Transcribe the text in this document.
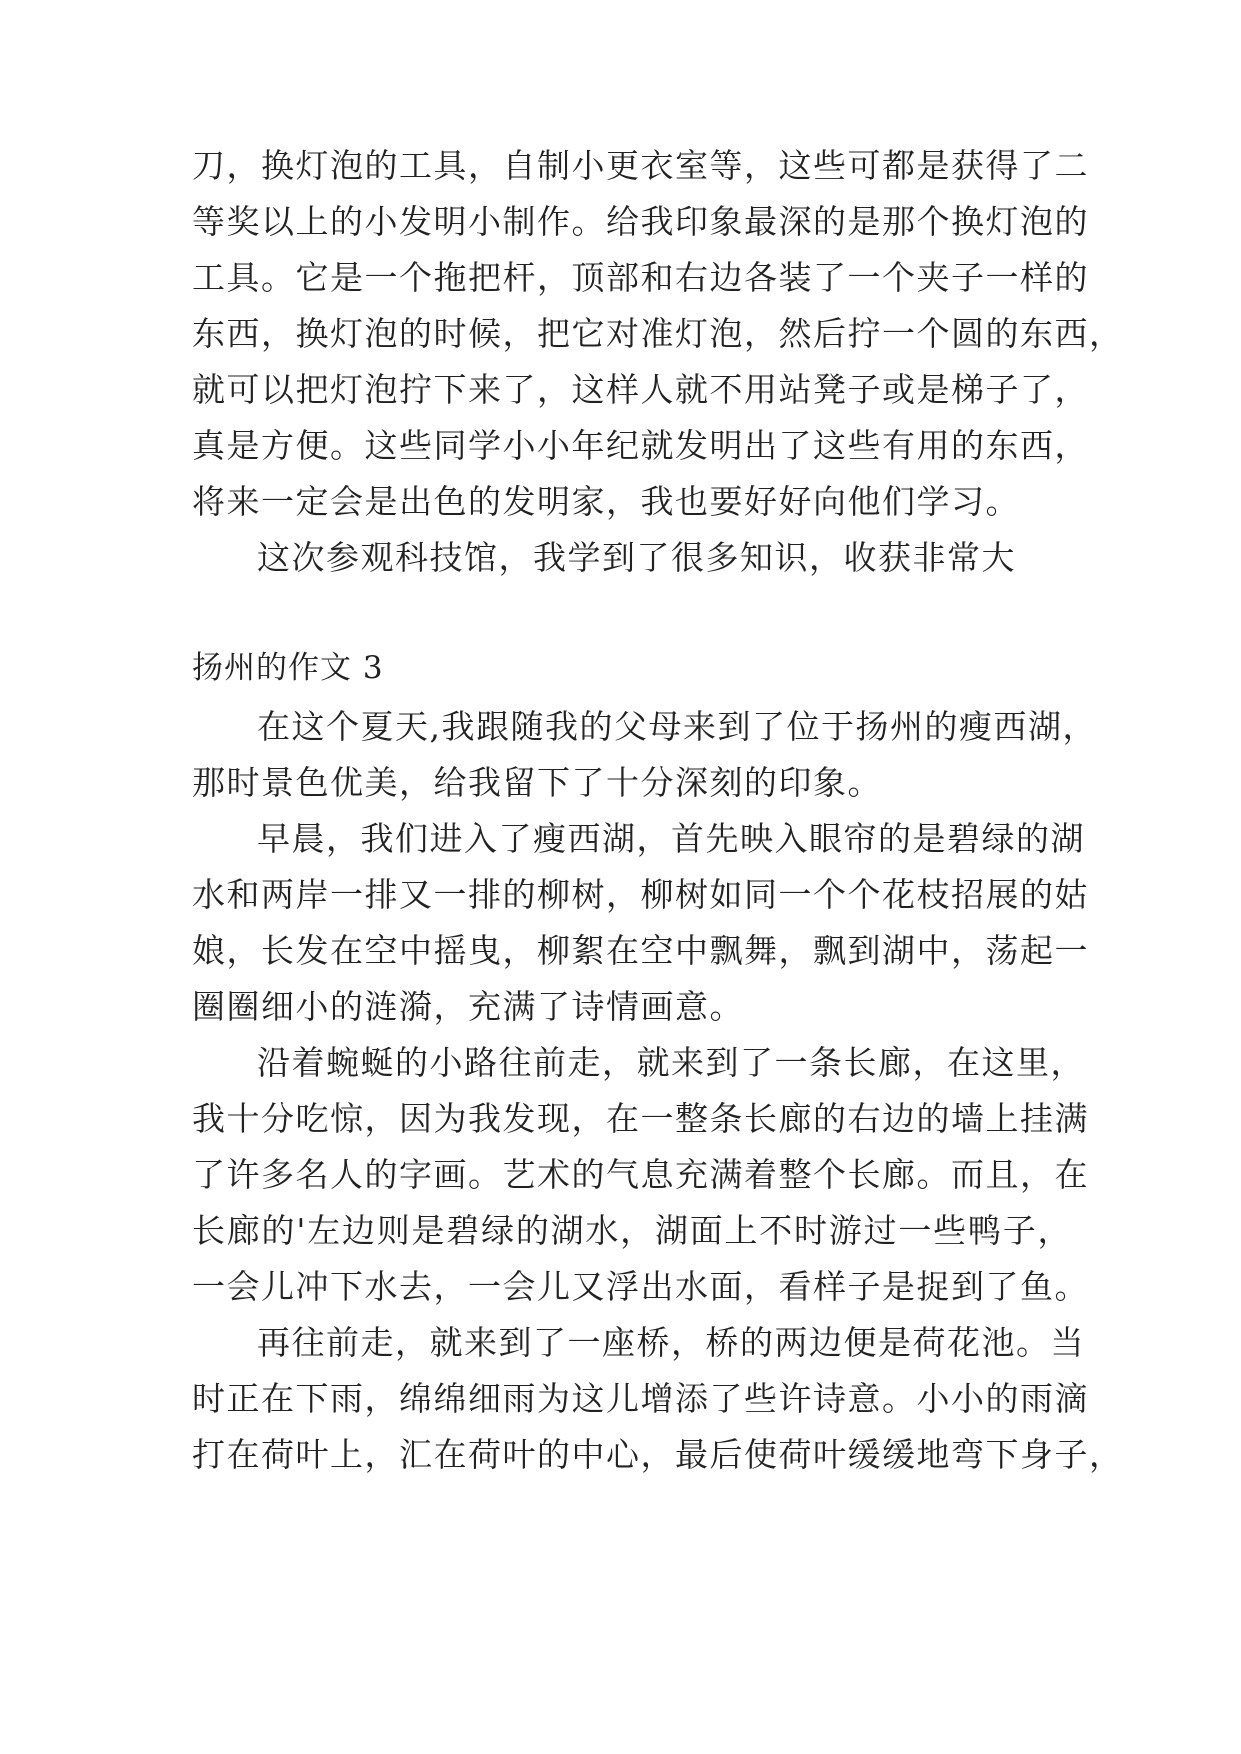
刀，换灯泡的工具，自制小更衣室等，这些可都是获得了二
等奖以上的小发明小制作。给我印象最深的是那个换灯泡的
工具。它是一个拖把杆，顶部和右边各装了一个夹子一样的
东西，换灯泡的时候，把它对准灯泡，然后拧一个圆的东西，
就可以把灯泡拧下来了，这样人就不用站凳子或是梯子了，
真是方便。这些同学小小年纪就发明出了这些有用的东西，
将来一定会是出色的发明家，我也要好好向他们学习。
这次参观科技馆，我学到了很多知识，收获非常大
扬州的作文 3
在这个夏天,我跟随我的父母来到了位于扬州的瘦西湖，
那时景色优美，给我留下了十分深刻的印象。
早晨，我们进入了瘦西湖，首先映入眼帘的是碧绿的湖
水和两岸一排又一排的柳树，柳树如同一个个花枝招展的姑
娘，长发在空中摇曳，柳絮在空中飘舞，飘到湖中，荡起一
圈圈细小的涟漪，充满了诗情画意。
沿着蜿蜒的小路往前走，就来到了一条长廊，在这里，
我十分吃惊，因为我发现，在一整条长廊的右边的墙上挂满
了许多名人的字画。艺术的气息充满着整个长廊。而且，在
长廊的'左边则是碧绿的湖水，湖面上不时游过一些鸭子，
一会儿冲下水去，一会儿又浮出水面，看样子是捉到了鱼。
再往前走，就来到了一座桥，桥的两边便是荷花池。当
时正在下雨，绵绵细雨为这儿增添了些许诗意。小小的雨滴
打在荷叶上，汇在荷叶的中心，最后使荷叶缓缓地弯下身子，
